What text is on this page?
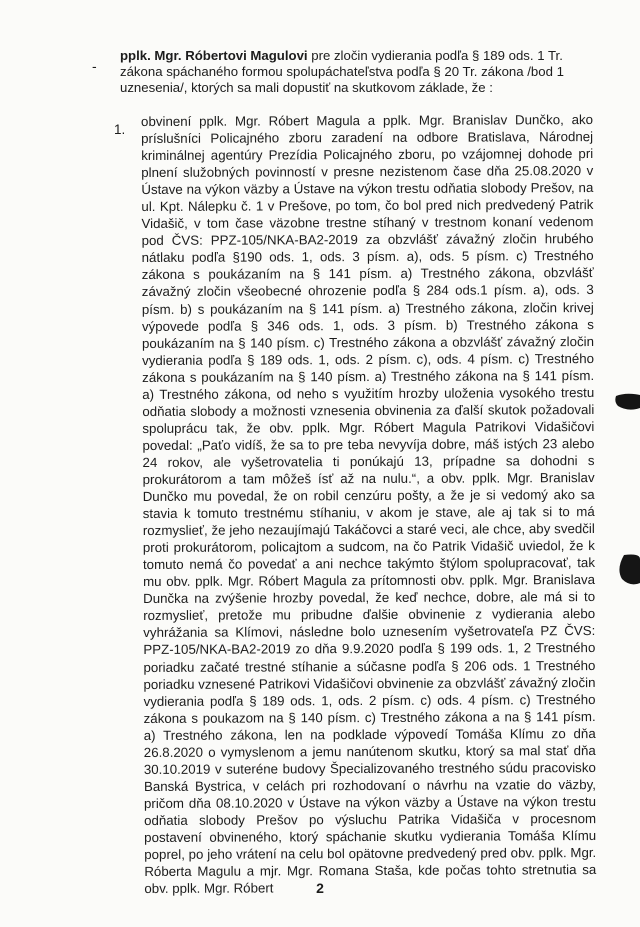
-

pplk. Mgr. Róbertovi Magulovi pre zločin vydierania podľa § 189 ods. 1 Tr. zákona spáchaného formou spolupáchateľstva podľa § 20 Tr. zákona /bod 1 uznesenia/, ktorých sa mali dopustiť na skutkovom základe, že :

1.

obvinení pplk. Mgr. Róbert Magula a pplk. Mgr. Branislav Dunčko, ako príslušníci Policajného zboru zaradení na odbore Bratislava, Národnej kriminálnej agentúry Prezídia Policajného zboru, po vzájomnej dohode pri plnení služobných povinností v presne nezistenom čase dňa 25.08.2020 v Ústave na výkon väzby a Ústave na výkon trestu odňatia slobody Prešov, na ul. Kpt. Nálepku č. 1 v Prešove, po tom, čo bol pred nich predvedený Patrik Vidašič, v tom čase väzobne trestne stíhaný v trestnom konaní vedenom pod ČVS: PPZ-105/NKA-BA2-2019 za obzvlášť závažný zločin hrubého nátlaku podľa §190 ods. 1, ods. 3 písm. a), ods. 5 písm. c) Trestného zákona s poukázaním na § 141 písm. a) Trestného zákona, obzvlášť závažný zločin všeobecné ohrozenie podľa § 284 ods.1 písm. a), ods. 3 písm. b) s poukázaním na § 141 písm. a) Trestného zákona, zločin krivej výpovede podľa § 346 ods. 1, ods. 3 písm. b) Trestného zákona s poukázaním na § 140 písm. c) Trestného zákona a obzvlášť závažný zločin vydierania podľa § 189 ods. 1, ods. 2 písm. c), ods. 4 písm. c) Trestného zákona s poukázaním na § 140 písm. a) Trestného zákona na § 141 písm. a) Trestného zákona, od neho s využitím hrozby uloženia vysokého trestu odňatia slobody a možnosti vznesenia obvinenia za ďalší skutok požadovali spoluprácu tak, že obv. pplk. Mgr. Róbert Magula Patrikovi Vidašičovi povedal: „Paťo vidíš, že sa to pre teba nevyvíja dobre, máš istých 23 alebo 24 rokov, ale vyšetrovatelia ti ponúkajú 13, prípadne sa dohodni s prokurátorom a tam môžeš ísť až na nulu.“, a obv. pplk. Mgr. Branislav Dunčko mu povedal, že on robil cenzúru pošty, a že je si vedomý ako sa stavia k tomuto trestnému stíhaniu, v akom je stave, ale aj tak si to má rozmyslieť, že jeho nezaujímajú Takáčovci a staré veci, ale chce, aby svedčil proti prokurátorom, policajtom a sudcom, na čo Patrik Vidašič uviedol, že k tomuto nemá čo povedať a ani nechce takýmto štýlom spolupracovať, tak mu obv. pplk. Mgr. Róbert Magula za prítomnosti obv. pplk. Mgr. Branislava Dunčka na zvýšenie hrozby povedal, že keď nechce, dobre, ale má si to rozmyslieť, pretože mu pribudne ďalšie obvinenie z vydierania alebo vyhrážania sa Klímovi, následne bolo uznesením vyšetrovateľa PZ ČVS: PPZ-105/NKA-BA2-2019 zo dňa 9.9.2020 podľa § 199 ods. 1, 2 Trestného poriadku začaté trestné stíhanie a súčasne podľa § 206 ods. 1 Trestného poriadku vznesené Patrikovi Vidašičovi obvinenie za obzvlášť závažný zločin vydierania podľa § 189 ods. 1, ods. 2 písm. c) ods. 4 písm. c) Trestného zákona s poukazom na § 140 písm. c) Trestného zákona a na § 141 písm. a) Trestného zákona, len na podklade výpovedí Tomáša Klímu zo dňa 26.8.2020 o vymyslenom a jemu nanútenom skutku, ktorý sa mal stať dňa 30.10.2019 v suteréne budovy Špecializovaného trestného súdu pracovisko Banská Bystrica, v celách pri rozhodovaní o návrhu na vzatie do väzby, pričom dňa 08.10.2020 v Ústave na výkon väzby a Ústave na výkon trestu odňatia slobody Prešov po výsluchu Patrika Vidašiča v procesnom postavení obvineného, ktorý spáchanie skutku vydierania Tomáša Klímu poprel, po jeho vrátení na celu bol opätovne predvedený pred obv. pplk. Mgr. Róberta Magulu a mjr. Mgr. Romana Staša, kde počas tohto stretnutia sa obv. pplk. Mgr. Róbert	2
